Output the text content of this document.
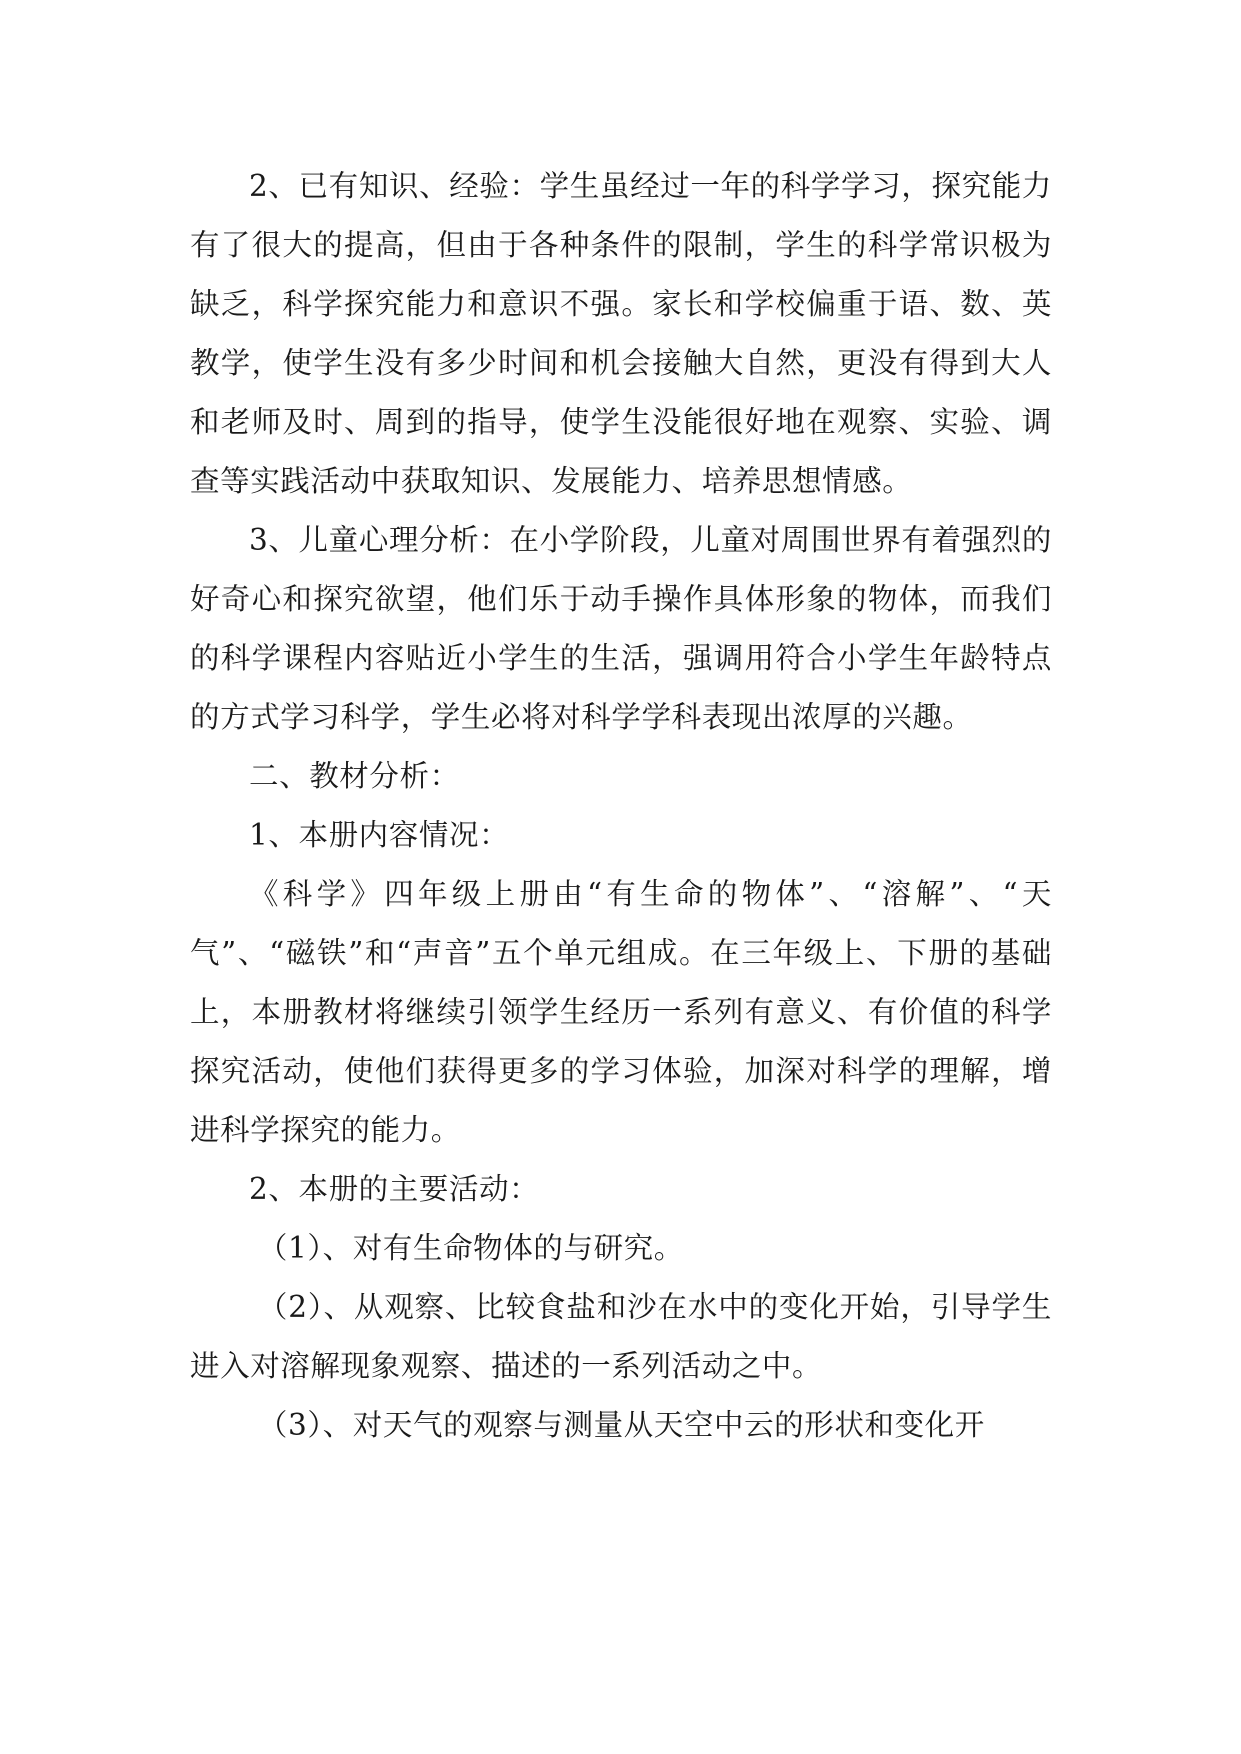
2、已有知识、经验：学生虽经过一年的科学学习，探究能力有了很大的提高，但由于各种条件的限制，学生的科学常识极为缺乏，科学探究能力和意识不强。家长和学校偏重于语、数、英教学，使学生没有多少时间和机会接触大自然，更没有得到大人和老师及时、周到的指导，使学生没能很好地在观察、实验、调查等实践活动中获取知识、发展能力、培养思想情感。

3、儿童心理分析：在小学阶段，儿童对周围世界有着强烈的好奇心和探究欲望，他们乐于动手操作具体形象的物体，而我们的科学课程内容贴近小学生的生活，强调用符合小学生年龄特点的方式学习科学，学生必将对科学学科表现出浓厚的兴趣。

二、教材分析：

1、本册内容情况：

《科学》四年级上册由“有生命的物体”、“溶解”、“天气”、“磁铁”和“声音”五个单元组成。在三年级上、下册的基础上，本册教材将继续引领学生经历一系列有意义、有价值的科学探究活动，使他们获得更多的学习体验，加深对科学的理解，增进科学探究的能力。

2、本册的主要活动：

（1）、对有生命物体的与研究。

（2）、从观察、比较食盐和沙在水中的变化开始，引导学生进入对溶解现象观察、描述的一系列活动之中。

（3）、对天气的观察与测量从天空中云的形状和变化开
